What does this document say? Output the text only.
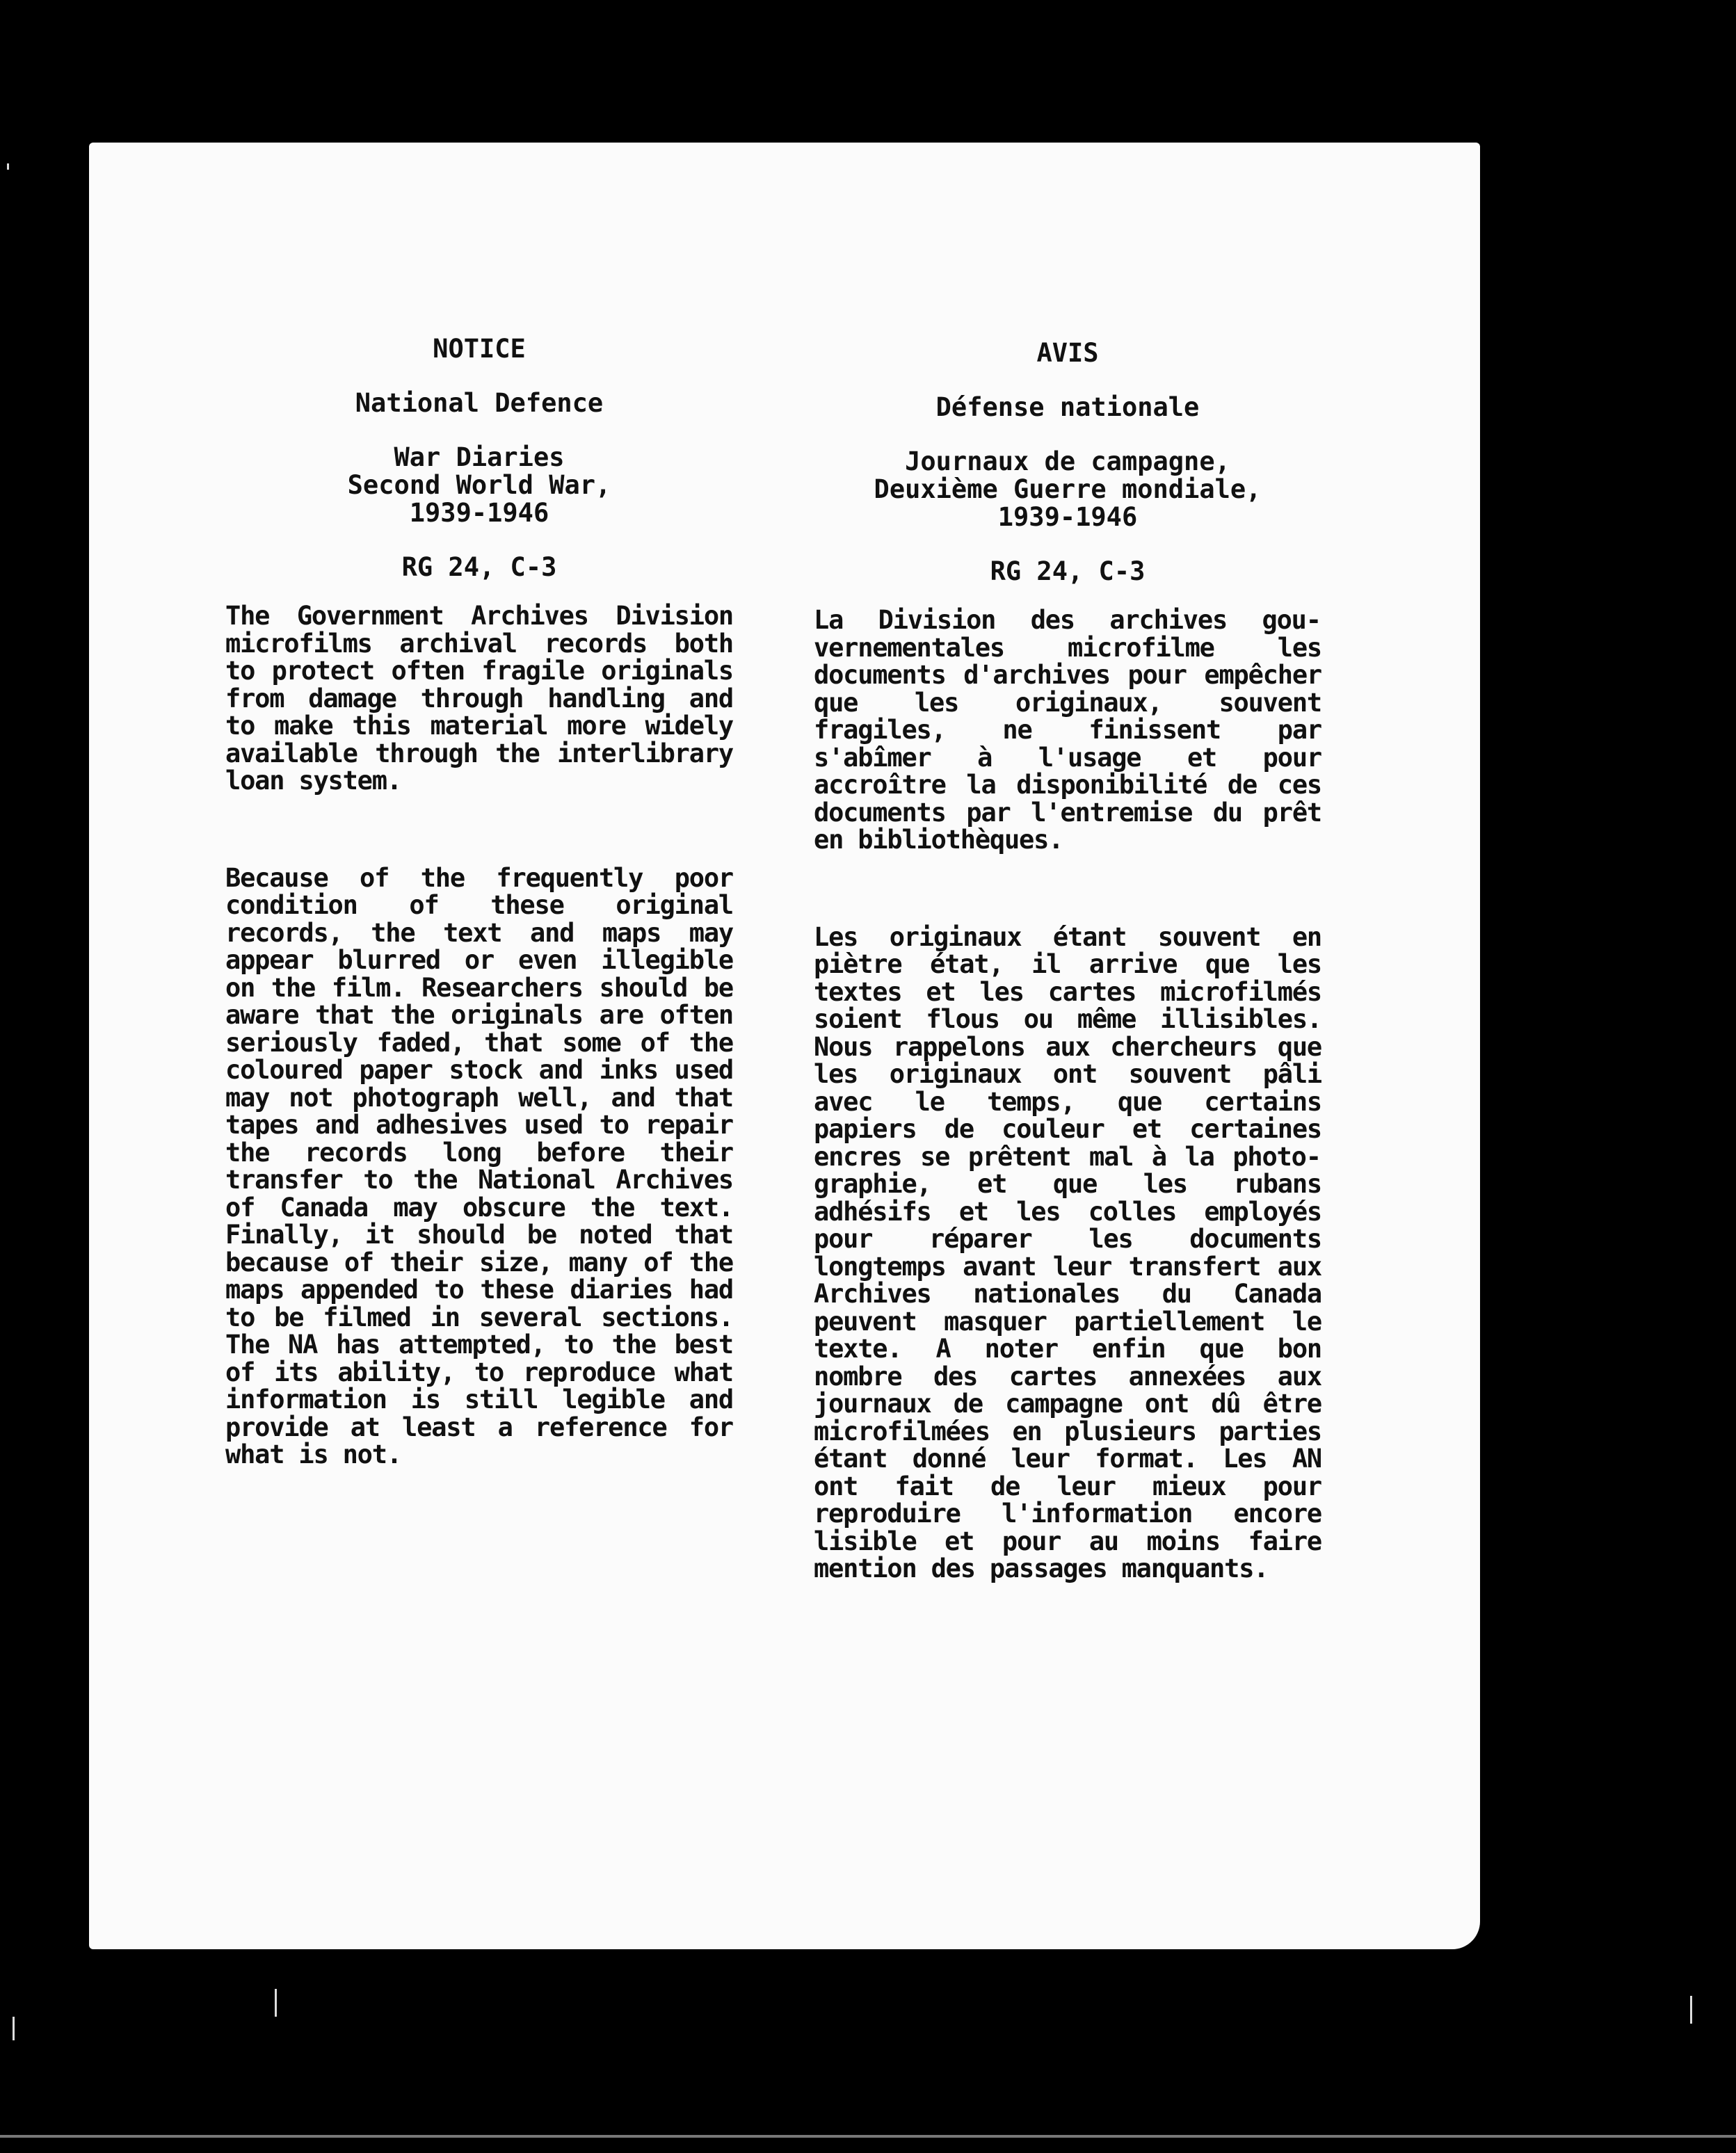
NOTICE

National Defence

War Diaries

Second World War,

1939-1946

RG 24, C-3

The Government Archives Division microfilms archival records both to protect often fragile originals from damage through handling and to make this material more widely available through the interlibrary loan system.

Because of the frequently poor condition of these original records, the text and maps may appear blurred or even illegible on the film. Researchers should be aware that the originals are often seriously faded, that some of the coloured paper stock and inks used may not photograph well, and that tapes and adhesives used to repair the records long before their transfer to the National Archives of Canada may obscure the text. Finally, it should be noted that because of their size, many of the maps appended to these diaries had to be filmed in several sections. The NA has attempted, to the best of its ability, to reproduce what information is still legible and provide at least a reference for what is not.

AVIS

Défense nationale

Journaux de campagne,

Deuxième Guerre mondiale,

1939-1946

RG 24, C-3

La Division des archives gouvernementales microfilme les documents d'archives pour empêcher que les originaux, souvent fragiles, ne finissent par s'abîmer à l'usage et pour accroître la disponibilité de ces documents par l'entremise du prêt en bibliothèques.

Les originaux étant souvent en piètre état, il arrive que les textes et les cartes microfilmés soient flous ou même illisibles. Nous rappelons aux chercheurs que les originaux ont souvent pâli avec le temps, que certains papiers de couleur et certaines encres se prêtent mal à la photographie, et que les rubans adhésifs et les colles employés pour réparer les documents longtemps avant leur transfert aux Archives nationales du Canada peuvent masquer partiellement le texte. A noter enfin que bon nombre des cartes annexées aux journaux de campagne ont dû être microfilmées en plusieurs parties étant donné leur format. Les AN ont fait de leur mieux pour reproduire l'information encore lisible et pour au moins faire mention des passages manquants.
